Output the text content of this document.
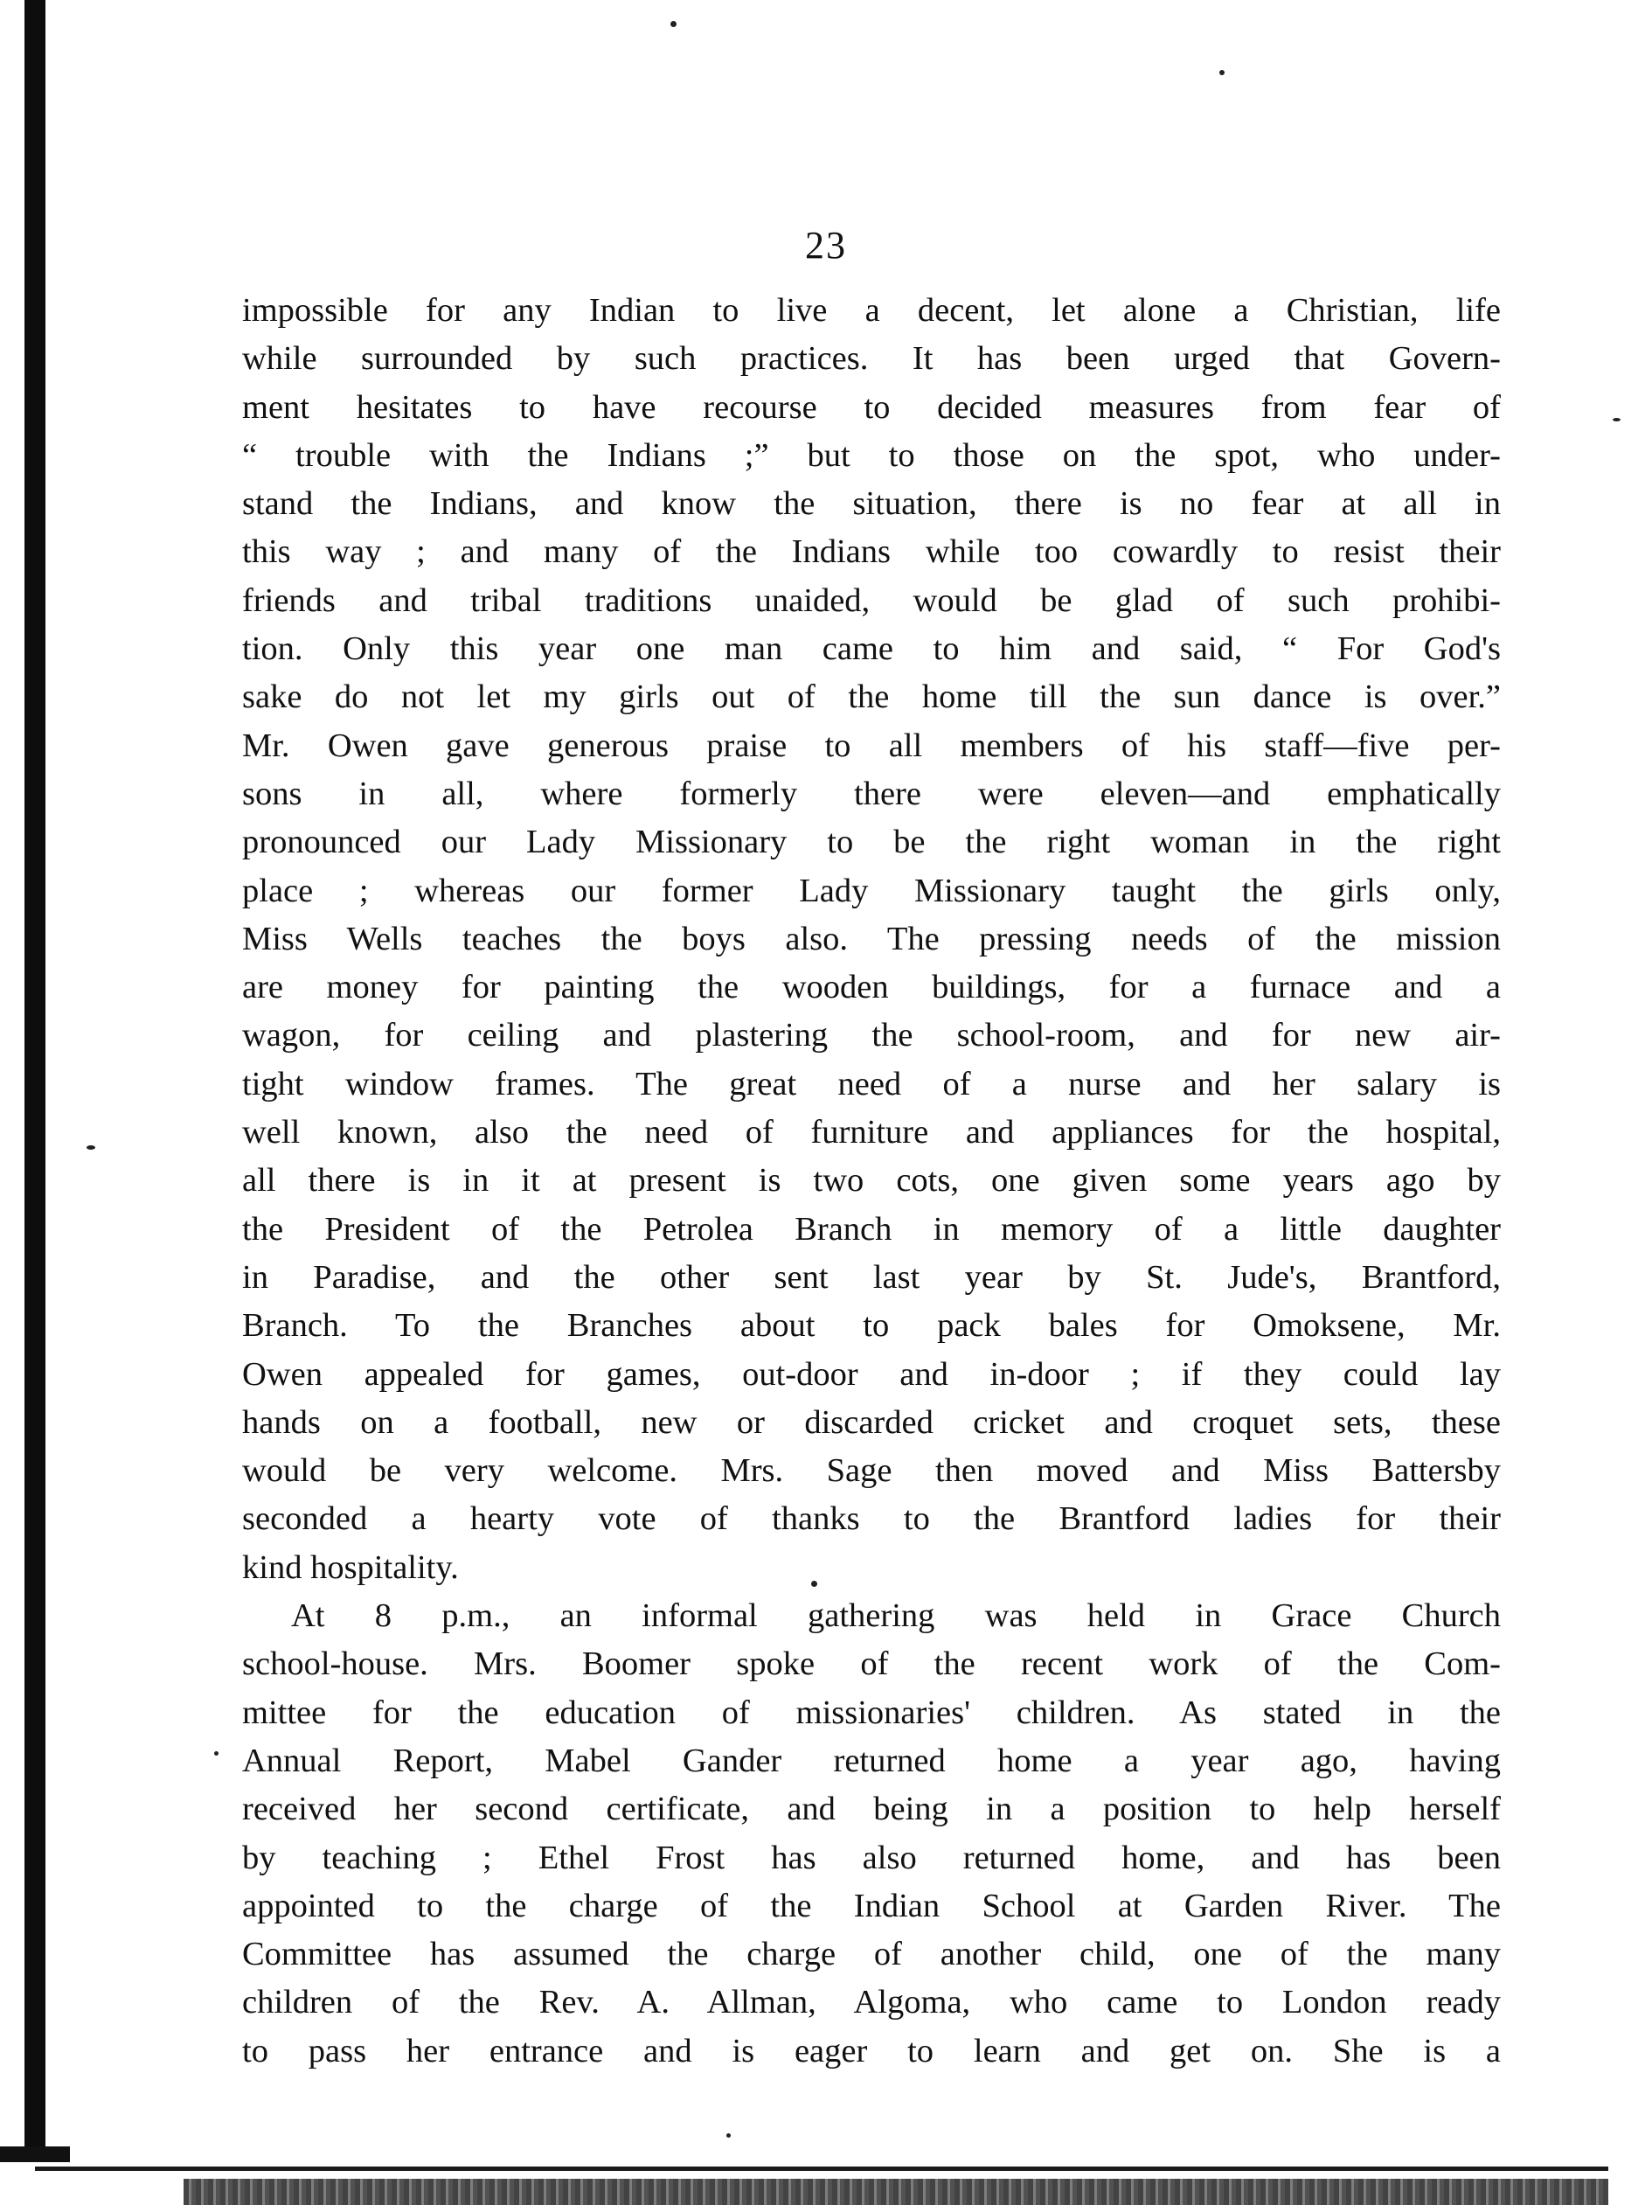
23
impossible for any Indian to live a decent, let alone a Christian, life
while surrounded by such practices. It has been urged that Govern-
ment hesitates to have recourse to decided measures from fear of
“ trouble with the Indians ;” but to those on the spot, who under-
stand the Indians, and know the situation, there is no fear at all in
this way ; and many of the Indians while too cowardly to resist their
friends and tribal traditions unaided, would be glad of such prohibi-
tion. Only this year one man came to him and said, “ For God's
sake do not let my girls out of the home till the sun dance is over.”
Mr. Owen gave generous praise to all members of his staff—five per-
sons in all, where formerly there were eleven—and emphatically
pronounced our Lady Missionary to be the right woman in the right
place ; whereas our former Lady Missionary taught the girls only,
Miss Wells teaches the boys also. The pressing needs of the mission
are money for painting the wooden buildings, for a furnace and a
wagon, for ceiling and plastering the school-room, and for new air-
tight window frames. The great need of a nurse and her salary is
well known, also the need of furniture and appliances for the hospital,
all there is in it at present is two cots, one given some years ago by
the President of the Petrolea Branch in memory of a little daughter
in Paradise, and the other sent last year by St. Jude's, Brantford,
Branch. To the Branches about to pack bales for Omoksene, Mr.
Owen appealed for games, out-door and in-door ; if they could lay
hands on a football, new or discarded cricket and croquet sets, these
would be very welcome. Mrs. Sage then moved and Miss Battersby
seconded a hearty vote of thanks to the Brantford ladies for their
kind hospitality.
At 8 p.m., an informal gathering was held in Grace Church
school-house. Mrs. Boomer spoke of the recent work of the Com-
mittee for the education of missionaries' children. As stated in the
Annual Report, Mabel Gander returned home a year ago, having
received her second certificate, and being in a position to help herself
by teaching ; Ethel Frost has also returned home, and has been
appointed to the charge of the Indian School at Garden River. The
Committee has assumed the charge of another child, one of the many
children of the Rev. A. Allman, Algoma, who came to London ready
to pass her entrance and is eager to learn and get on. She is a
